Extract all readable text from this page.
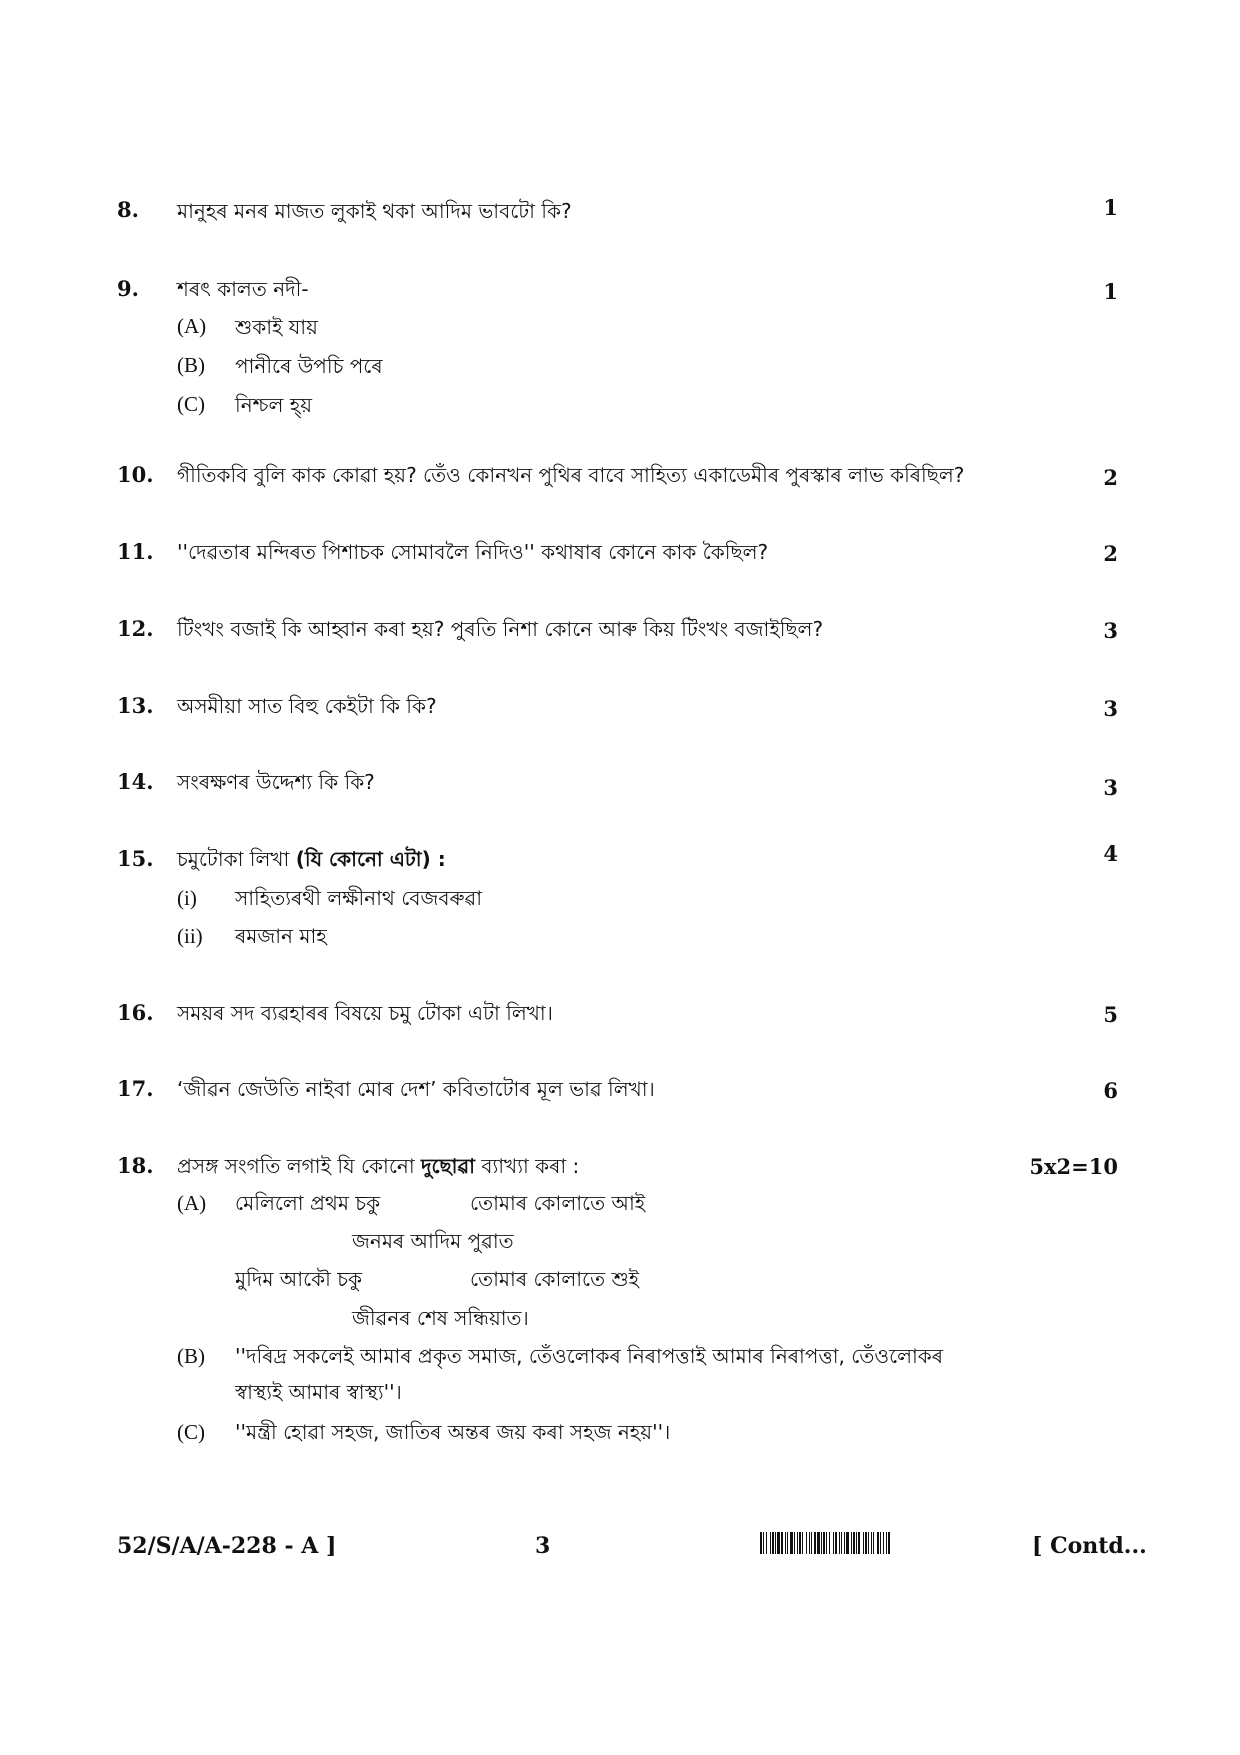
8. মানুহৰ মনৰ মাজত লুকাই থকা আদিম ভাবটো কি?	1
9. শৰৎ কালত নদী-	1
(A) শুকাই যায়
(B) পানীৰে উপচি পৰে
(C) নিশ্চল হ্য়
10. গীতিকবি বুলি কাক কোৱা হয়? তেঁও কোনখন পুথিৰ বাবে সাহিত্য একাডেমীৰ পুৰস্কাৰ লাভ কৰিছিল?	2
11. ''দেৱতাৰ মন্দিৰত পিশাচক সোমাবলৈ নিদিও'' কথাষাৰ কোনে কাক কৈছিল?	2
12. টিংখং বজাই কি আহ্বান কৰা হয়? পুৰতি নিশা কোনে আৰু কিয় টিংখং বজাইছিল?	3
13. অসমীয়া সাত বিহু কেইটা কি কি?	3
14. সংৰক্ষণৰ উদ্দেশ্য কি কি?	3
15. চমুটোকা লিখা (যি কোনো এটা) :	4
(i) সাহিত্যৰথী লক্ষীনাথ বেজবৰুৱা
(ii) ৰমজান মাহ
16. সময়ৰ সদ ব্যৱহাৰৰ বিষয়ে চমু টোকা এটা লিখা।	5
17. ‘জীৱন জেউতি নাইবা মোৰ দেশ’ কবিতাটোৰ মূল ভাৱ লিখা।	6
18. প্ৰসঙ্গ সংগতি লগাই যি কোনো দুছোৱা ব্যাখ্যা কৰা :	5x2=10
(A) মেলিলো প্ৰথম চকু	তোমাৰ কোলাতে আই
জনমৰ আদিম পুৱাত
মুদিম আকৌ চকু	তোমাৰ কোলাতে শুই
জীৱনৰ শেষ সন্ধিয়াত।
(B) ''দৰিদ্ৰ সকলেই আমাৰ প্ৰকৃত সমাজ, তেঁওলোকৰ নিৰাপত্তাই আমাৰ নিৰাপত্তা, তেঁওলোকৰ
স্বাস্থ্যই আমাৰ স্বাস্থ্য''।
(C) ''মন্ত্ৰী হোৱা সহজ, জাতিৰ অন্তৰ জয় কৰা সহজ নহয়''।
52/S/A/A-228 - A ]	3	[ Contd...
